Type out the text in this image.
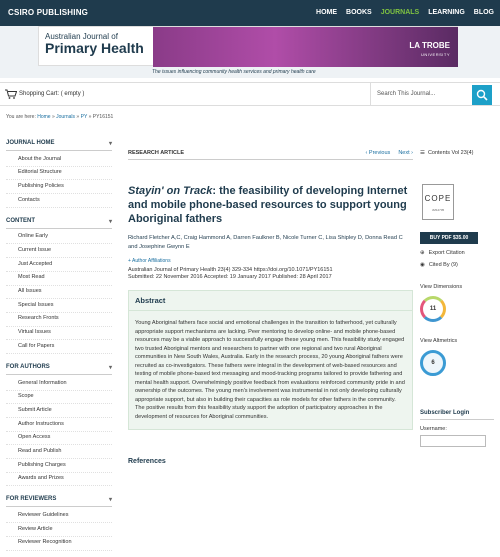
CSIRO PUBLISHING	HOME BOOKS JOURNALS LEARNING BLOG
Australian Journal of
Primary Health	LA TROBE
UNIVERSITY
The issues influencing community health services and primary health care
Shopping Cart: ( empty )	Search This Journal...
You are here: Home » Journals » PY » PY16151
JOURNAL HOME	▾
About the Journal
Editorial Structure
Publishing Policies
Contacts
CONTENT	▾
Online Early
Current Issue
Just Accepted
Most Read
All Issues
Special Issues
Research Fronts
Virtual Issues
Call for Papers
FOR AUTHORS	▾
General Information
Scope
Submit Article
Author Instructions
Open Access
Read and Publish
Publishing Charges
Awards and Prizes
FOR REVIEWERS	▾
Reviewer Guidelines
Review Article
Reviewer Recognition
RESEARCH ARTICLE	‹ Previous Next ›
Stayin' on Track: the feasibility of developing Internet and mobile phone-based resources to support young Aboriginal fathers
Richard Fletcher A,C, Craig Hammond A, Darren Faulkner B, Nicole Turner C, Lisa Shipley D, Donna Read C and Josephine Gwynn E
+ Author Affiliations
Australian Journal of Primary Health 23(4) 329-334 https://doi.org/10.1071/PY16151
Submitted: 22 November 2016 Accepted: 19 January 2017 Published: 28 April 2017
Abstract
Young Aboriginal fathers face social and emotional challenges in the transition to fatherhood, yet culturally appropriate support mechanisms are lacking. Peer mentoring to develop online- and mobile phone-based resources may be a viable approach to successfully engage these young men. This feasibility study engaged two trusted Aboriginal mentors and researchers to partner with one regional and two rural Aboriginal communities in New South Wales, Australia. Early in the research process, 20 young Aboriginal fathers were recruited as co-investigators. These fathers were integral in the development of web-based resources and testing of mobile phone-based text messaging and mood-tracking programs tailored to provide fathering and mental health support. Overwhelmingly positive feedback from evaluations reinforced community pride in and ownership of the outcomes. The young men's involvement was instrumental in not only developing culturally appropriate support, but also in building their capacities as role models for other fathers in the community. The positive results from this feasibility study support the adoption of participatory approaches in the development of resources for Aboriginal communities.
References
☰ Contents Vol 23(4)
COPE
JM12705
BUY PDF $35.00
⊕ Export Citation
◉ Cited By (9)
View Dimensions
11
View Altmetrics
6
Subscriber Login
Username:
